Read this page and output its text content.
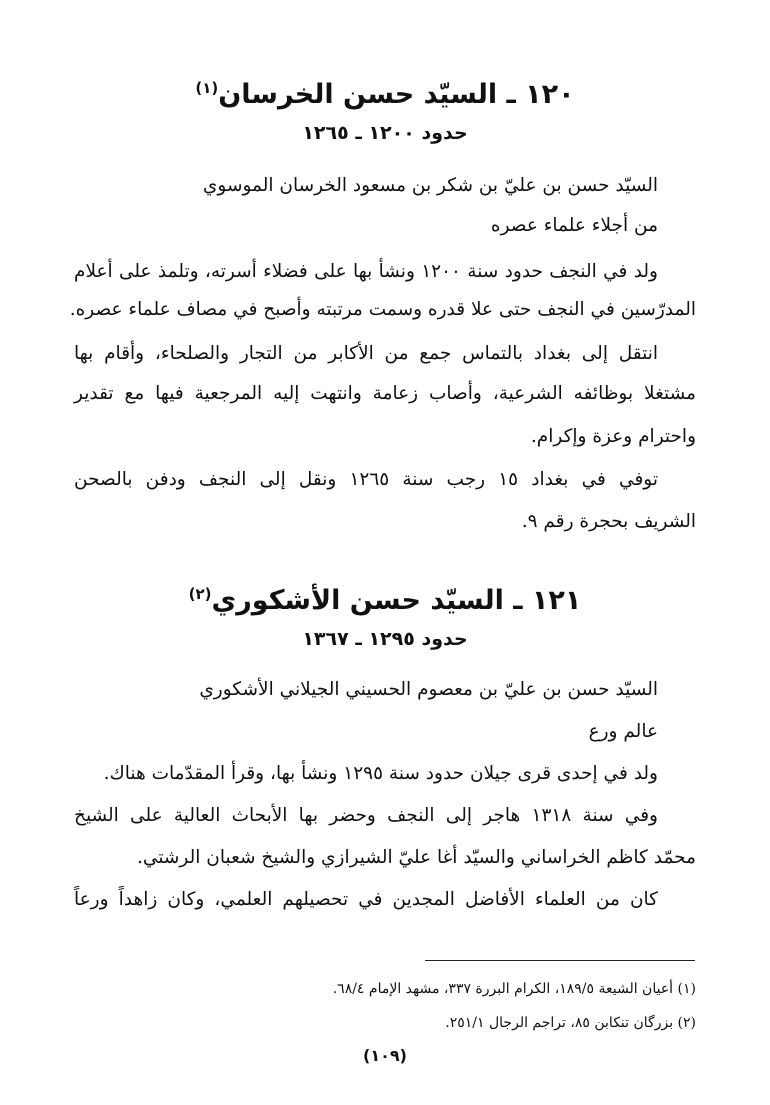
١٢٠ ـ السيّد حسن الخرسان$^{(١)}$
حدود ١٢٠٠ ـ ١٢٦٥
السيّد حسن بن عليّ بن شكر بن مسعود الخرسان الموسوي
من أجلاء علماء عصره
ولد في النجف حدود سنة ١٢٠٠ ونشأ بها على فضلاء أسرته، وتلمذ على أعلام
المدرّسين في النجف حتى علا قدره وسمت مرتبته وأصبح في مصاف علماء عصره.
انتقل إلى بغداد بالتماس جمع من الأكابر من التجار والصلحاء، وأقام بها
مشتغلا بوظائفه الشرعية، وأصاب زعامة وانتهت إليه المرجعية فيها مع تقدير
واحترام وعزة وإكرام.
توفي في بغداد ١٥ رجب سنة ١٢٦٥ ونقل إلى النجف ودفن بالصحن
الشريف بحجرة رقم ٩.
١٢١ ـ السيّد حسن الأشكوري$^{(٢)}$
حدود ١٢٩٥ ـ ١٣٦٧
السيّد حسن بن عليّ بن معصوم الحسيني الجيلاني الأشكوري
عالم ورع
ولد في إحدى قرى جيلان حدود سنة ١٢٩٥ ونشأ بها، وقرأ المقدّمات هناك.
وفي سنة ١٣١٨ هاجر إلى النجف وحضر بها الأبحاث العالية على الشيخ
محمّد كاظم الخراساني والسيّد أغا عليّ الشيرازي والشيخ شعبان الرشتي.
كان من العلماء الأفاضل المجدين في تحصيلهم العلمي، وكان زاهداً ورعاً
(١) أعيان الشيعة ١٨٩/٥، الكرام البررة ٣٣٧، مشهد الإمام ٦٨/٤.
(٢) بزرگان تنكابن ٨٥، تراجم الرجال ٢٥١/١.
(١٠٩)
